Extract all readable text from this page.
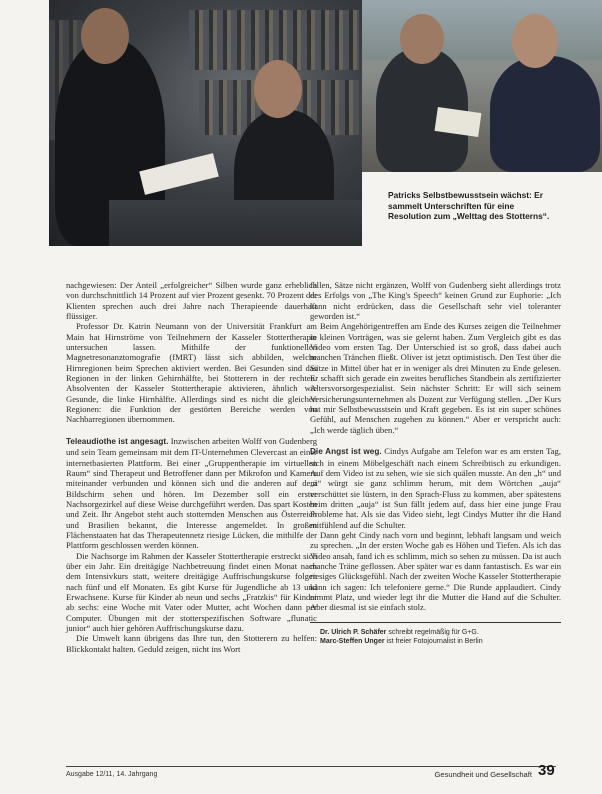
Patricks Selbstbewusstsein wächst: Er sammelt Unterschriften für eine Resolution zum „Welttag des Stotterns“.

nachgewiesen: Der Anteil „erfolgreicher“ Silben wurde ganz erheblich von durchschnittlich 14 Prozent auf vier Prozent gesenkt. 70 Prozent der Klienten sprechen auch drei Jahre nach Therapieende dauerhaft flüssiger.

Professor Dr. Katrin Neumann von der Universität Frankfurt am Main hat Hirnströme von Teilnehmern der Kasseler Stottertherapie untersuchen lassen. Mithilfe der funktionellen Magnetresonanztomografie (fMRT) lässt sich abbilden, welche Hirnregionen beim Sprechen aktiviert werden. Bei Gesunden sind das Regionen in der linken Gehirnhälfte, bei Stotterern in der rechten. Absolventen der Kasseler Stottertherapie aktivieren, ähnlich wie Gesunde, die linke Hirnhälfte. Allerdings sind es nicht die gleichen Regionen: die Funktion der gestörten Bereiche werden von Nachbarregionen übernommen.

Teleaudiothe ist angesagt. Inzwischen arbeiten Wolff von Gudenberg und sein Team gemeinsam mit dem IT-Unternehmen Clevercast an einer internetbasierten Plattform. Bei einer „Gruppentherapie im virtuellen Raum“ sind Therapeut und Betroffener dann per Mikrofon und Kamera miteinander verbunden und können sich und die anderen auf dem Bildschirm sehen und hören. Im Dezember soll ein erster Nachsorgezirkel auf diese Weise durchgeführt werden. Das spart Kosten und Zeit. Ihr Angebot steht auch stotternden Menschen aus Österreich und Brasilien bekannt, die Interesse angemeldet. In großen Flächenstaaten hat das Therapeutennetz riesige Lücken, die mithilfe der Plattform geschlossen werden können.

Die Nachsorge im Rahmen der Kasseler Stottertherapie erstreckt sich über ein Jahr. Ein dreitägige Nachbetreuung findet einen Monat nach dem Intensivkurs statt, weitere dreitägige Auffrischungskurse folgen nach fünf und elf Monaten. Es gibt Kurse für Jugendliche ab 13 und Erwachsene. Kurse für Kinder ab neun und sechs „Fratzkis“ für Kinder ab sechs: eine Woche mit Vater oder Mutter, acht Wochen dann per Computer. Übungen mit der stotterspezifischen Software „flunatic junior“ auch hier gehören Auffrischungskurse dazu.

Die Umwelt kann übrigens das Ihre tun, den Stotterern zu helfen: Blickkontakt halten. Geduld zeigen, nicht ins Wort

fallen, Sätze nicht ergänzen, Wolff von Gudenberg sieht allerdings trotz des Erfolgs von „The King's Speech“ keinen Grund zur Euphorie: „Ich kann nicht erdrücken, dass die Gesellschaft sehr viel toleranter geworden ist.“

Beim Angehörigentreffen am Ende des Kurses zeigen die Teilnehmer in kleinen Vorträgen, was sie gelernt haben. Zum Vergleich gibt es das Video vom ersten Tag. Der Unterschied ist so groß, dass dabei auch manchen Tränchen fließt. Oliver ist jetzt optimistisch. Den Test über die Sätze in Mittel über hat er in weniger als drei Minuten zu Ende gelesen. Er schafft sich gerade ein zweites berufliches Standbein als zertifizierter Altersvorsorgespezialist. Sein nächster Schritt: Er will sich seinem Versicherungsunternehmen als Dozent zur Verfügung stellen. „Der Kurs hat mir Selbstbewusstsein und Kraft gegeben. Es ist ein super schönes Gefühl, auf Menschen zugehen zu können.“ Aber er verspricht auch: „Ich werde täglich üben.“

Die Angst ist weg. Cindys Aufgabe am Telefon war es am ersten Tag, sich in einem Möbelgeschäft nach einem Schreibtisch zu erkundigen. Auf dem Video ist zu sehen, wie sie sich quälen musste. An den „h“ und „ä“ würgt sie ganz schlimm herum, mit dem Wörtchen „auja“ verschüttet sie lüstern, in den Sprach-Fluss zu kommen, aber spätestens beim dritten „auja“ ist Sun fällt jedem auf, dass hier eine junge Frau Probleme hat. Als sie das Video sieht, legt Cindys Mutter ihr die Hand mitfühlend auf die Schulter.

Dann geht Cindy nach vorn und beginnt, lebhaft langsam und weich zu sprechen. „In der ersten Woche gab es Höhen und Tiefen. Als ich das Video ansah, fand ich es schlimm, mich so sehen zu müssen. Da ist auch manche Träne geflossen. Aber später war es dann fantastisch. Es war ein riesiges Glücksgefühl. Nach der zweiten Woche Kasseler Stottertherapie kann ich sagen: Ich telefoniere gerne.“ Die Runde applaudiert. Cindy nimmt Platz, und wieder legt ihr die Mutter die Hand auf die Schulter. Aber diesmal ist sie einfach stolz.

Dr. Ulrich P. Schäfer schreibt regelmäßig für G+G.

Marc-Steffen Unger ist freier Fotojournalist in Berlin

Ausgabe 12/11, 14. Jahrgang	Gesundheit und Gesellschaft 39
